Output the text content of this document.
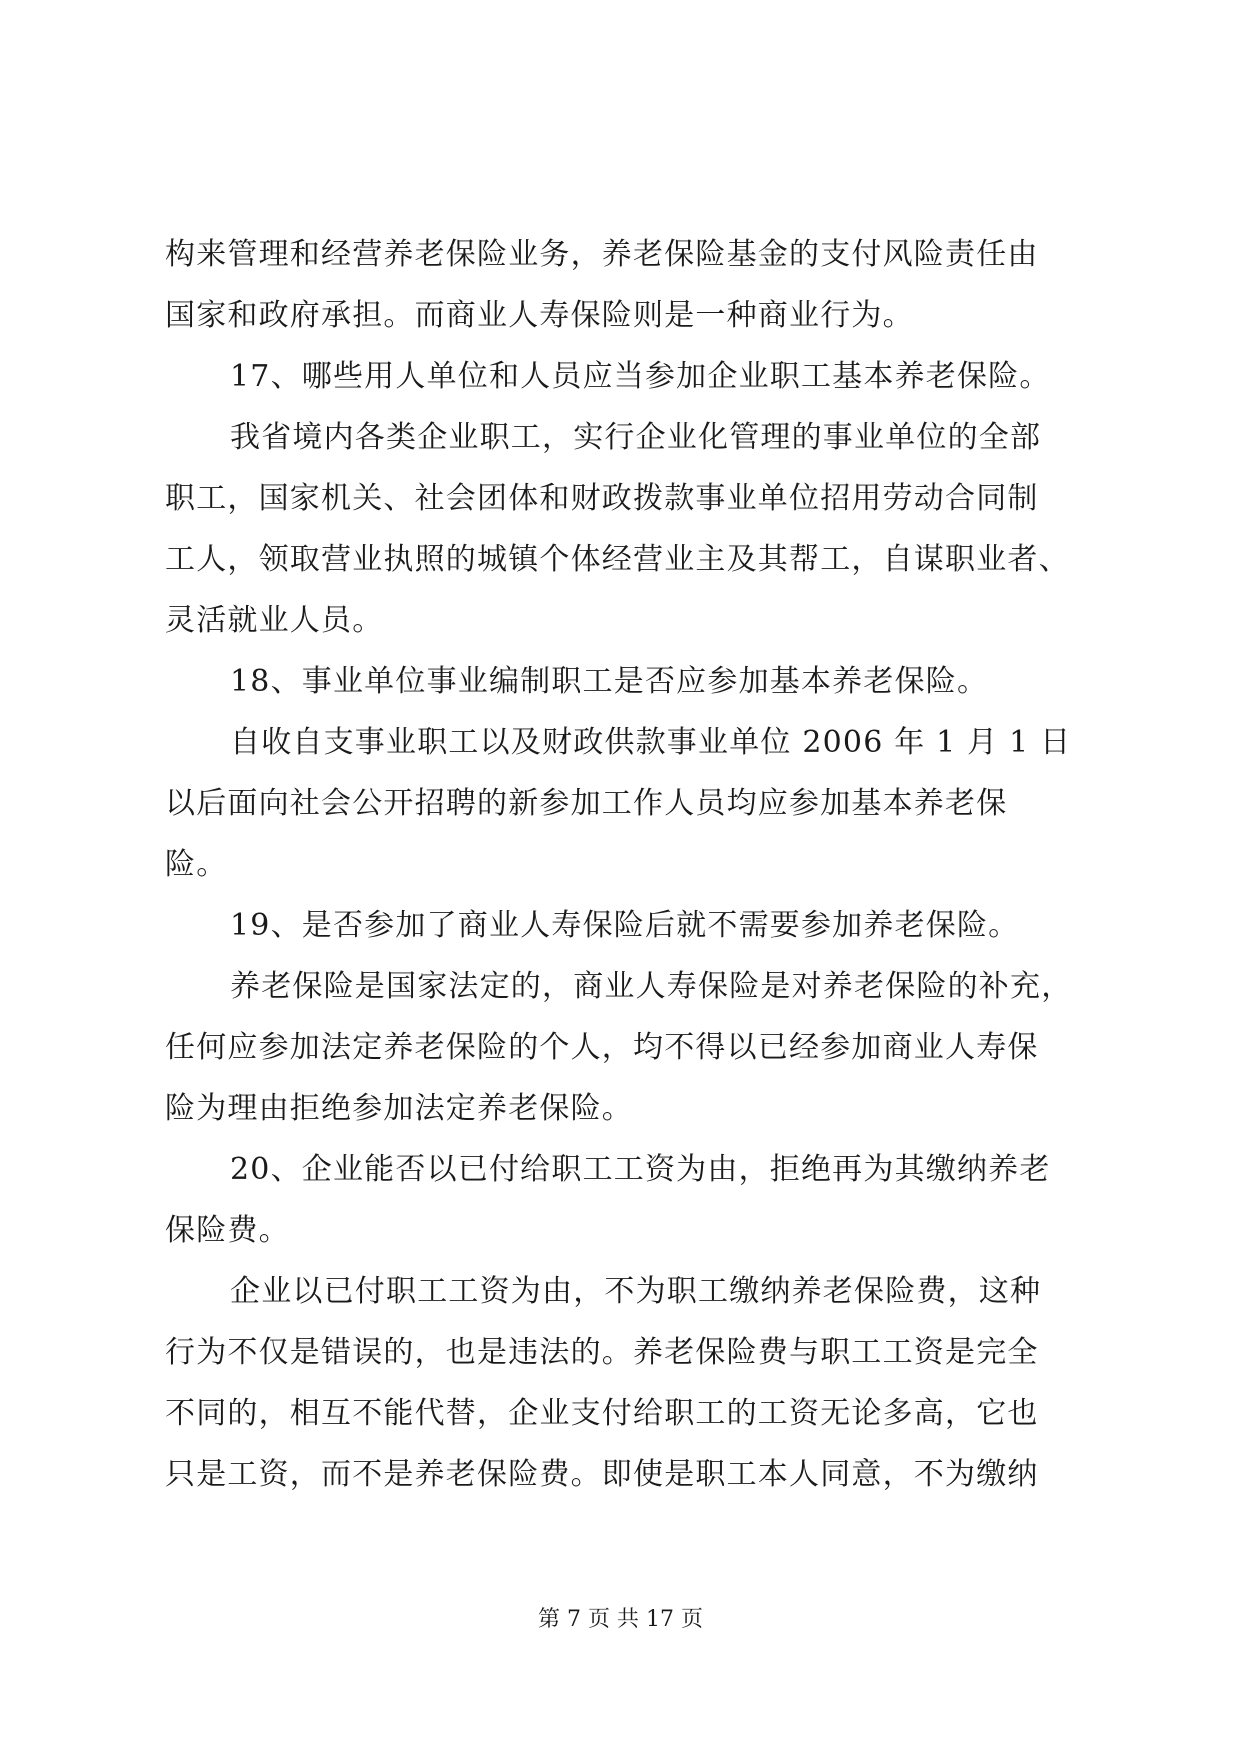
构来管理和经营养老保险业务，养老保险基金的支付风险责任由
国家和政府承担。而商业人寿保险则是一种商业行为。
17、哪些用人单位和人员应当参加企业职工基本养老保险。
我省境内各类企业职工，实行企业化管理的事业单位的全部
职工，国家机关、社会团体和财政拨款事业单位招用劳动合同制
工人，领取营业执照的城镇个体经营业主及其帮工，自谋职业者、
灵活就业人员。
18、事业单位事业编制职工是否应参加基本养老保险。
自收自支事业职工以及财政供款事业单位 2006 年 1 月 1 日
以后面向社会公开招聘的新参加工作人员均应参加基本养老保
险。
19、是否参加了商业人寿保险后就不需要参加养老保险。
养老保险是国家法定的，商业人寿保险是对养老保险的补充，
任何应参加法定养老保险的个人，均不得以已经参加商业人寿保
险为理由拒绝参加法定养老保险。
20、企业能否以已付给职工工资为由，拒绝再为其缴纳养老
保险费。
企业以已付职工工资为由，不为职工缴纳养老保险费，这种
行为不仅是错误的，也是违法的。养老保险费与职工工资是完全
不同的，相互不能代替，企业支付给职工的工资无论多高，它也
只是工资，而不是养老保险费。即使是职工本人同意，不为缴纳
第 7 页 共 17 页
